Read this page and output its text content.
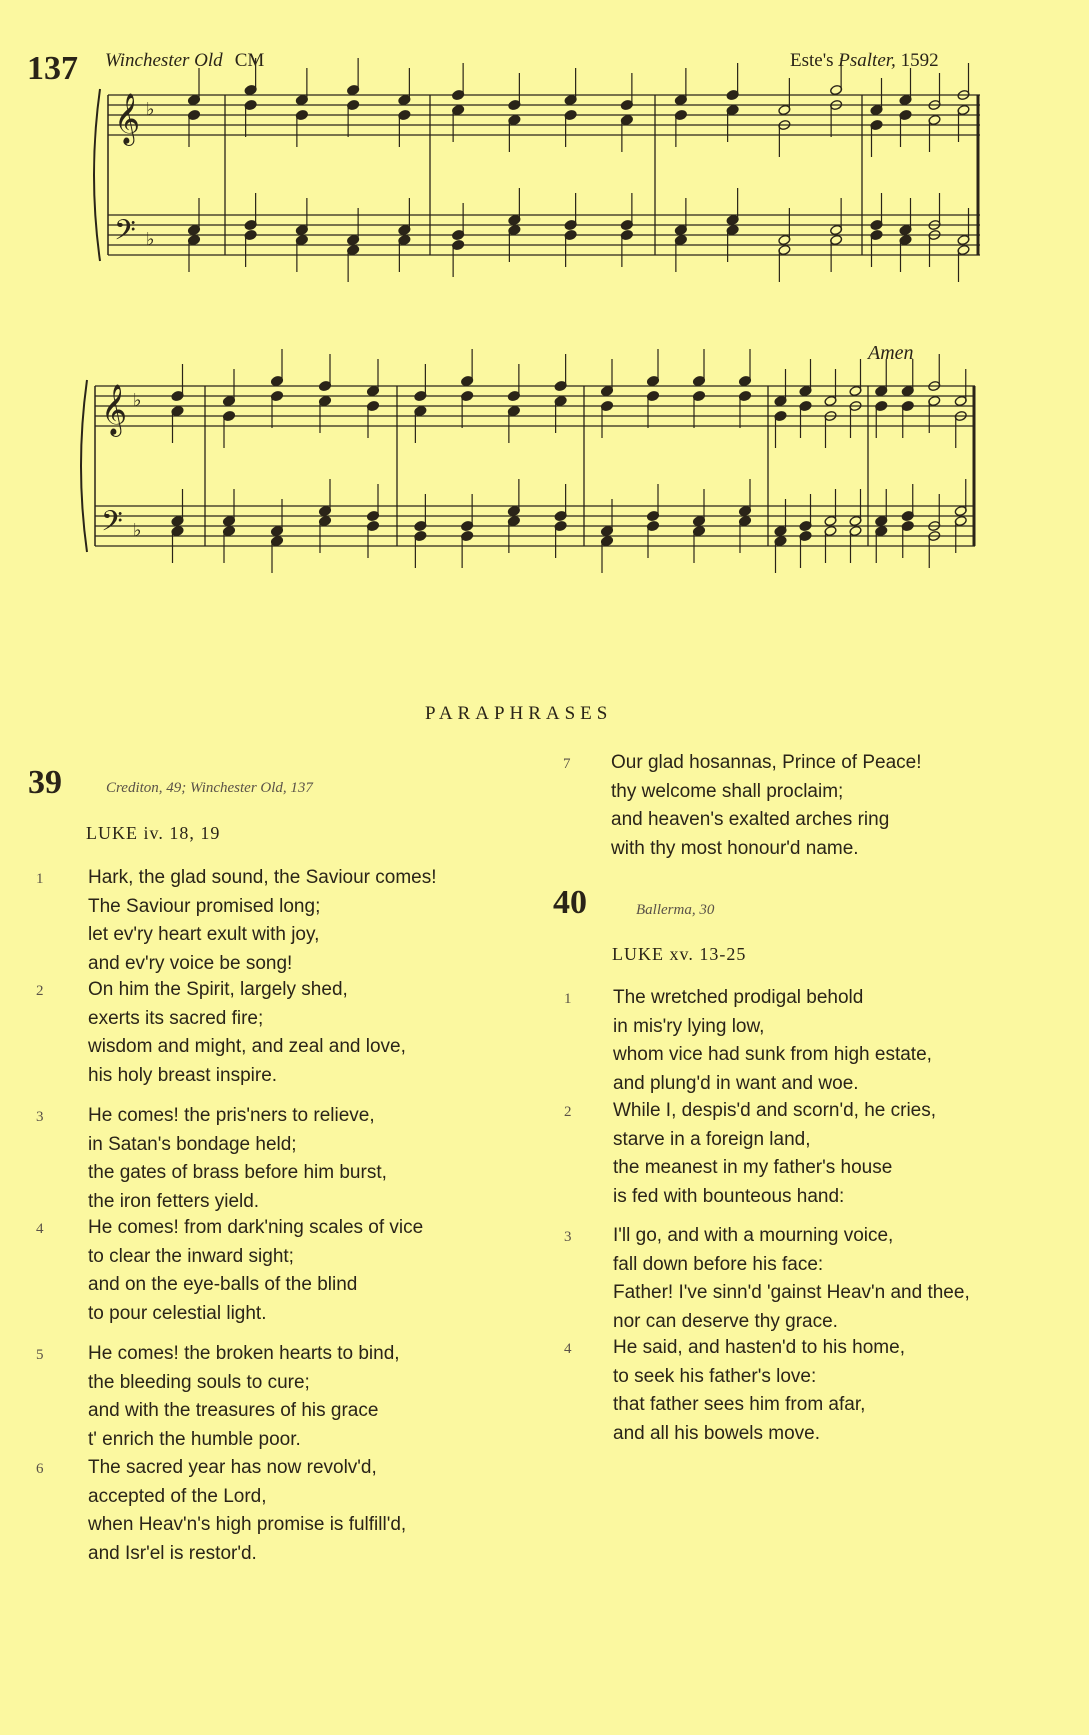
137 Winchester Old CM	Este's Psalter, 1592
𝄞
𝄢
♭
♭
𝄞
𝄢
♭
♭
Amen
PARAPHRASES
39	Crediton, 49; Winchester Old, 137
LUKE iv. 18, 19
1 Hark, the glad sound, the Saviour comes!
The Saviour promised long;
let ev'ry heart exult with joy,
and ev'ry voice be song!
2 On him the Spirit, largely shed,
exerts its sacred fire;
wisdom and might, and zeal and love,
his holy breast inspire.
3 He comes! the pris'ners to relieve,
in Satan's bondage held;
the gates of brass before him burst,
the iron fetters yield.
4 He comes! from dark'ning scales of vice
to clear the inward sight;
and on the eye-balls of the blind
to pour celestial light.
5 He comes! the broken hearts to bind,
the bleeding souls to cure;
and with the treasures of his grace
t' enrich the humble poor.
6 The sacred year has now revolv'd,
accepted of the Lord,
when Heav'n's high promise is fulfill'd,
and Isr'el is restor'd.
7 Our glad hosannas, Prince of Peace!
thy welcome shall proclaim;
and heaven's exalted arches ring
with thy most honour'd name.
40	Ballerma, 30
LUKE xv. 13-25
1 The wretched prodigal behold
in mis'ry lying low,
whom vice had sunk from high estate,
and plung'd in want and woe.
2 While I, despis'd and scorn'd, he cries,
starve in a foreign land,
the meanest in my father's house
is fed with bounteous hand:
3 I'll go, and with a mourning voice,
fall down before his face:
Father! I've sinn'd 'gainst Heav'n and thee,
nor can deserve thy grace.
4 He said, and hasten'd to his home,
to seek his father's love:
that father sees him from afar,
and all his bowels move.
